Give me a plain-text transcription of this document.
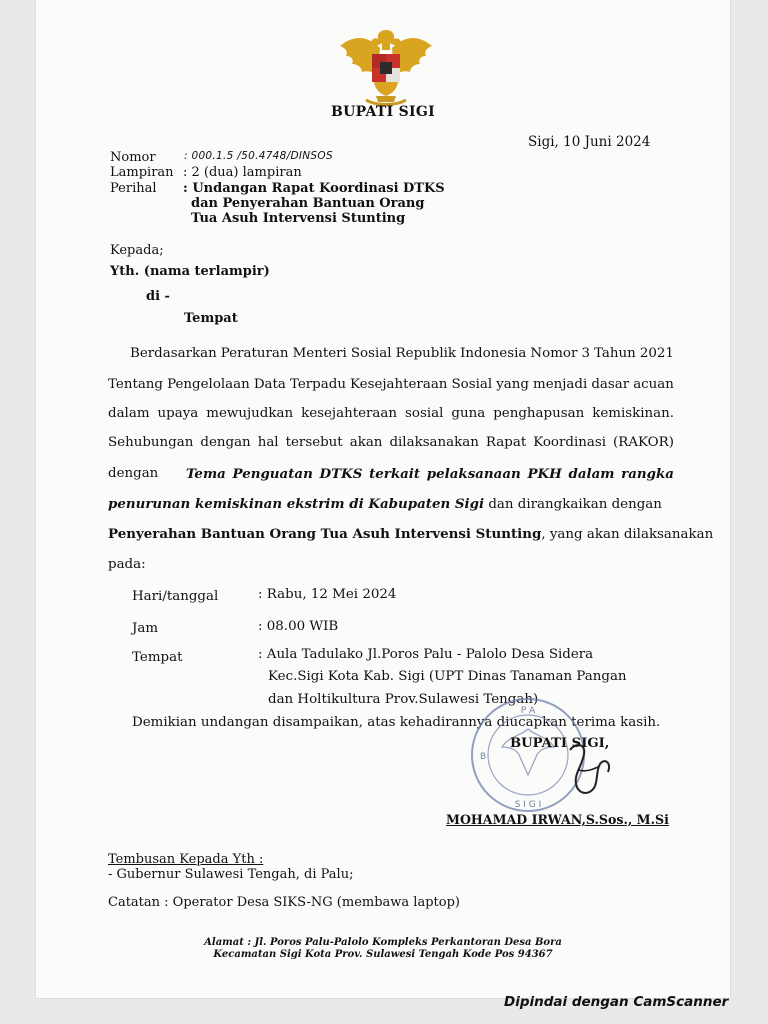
BUPATI SIGI
Sigi, 10 Juni 2024
Nomor	: 000.1.5 /50.4748/DINSOS
Lampiran : 2 (dua) lampiran
Perihal : Undangan Rapat Koordinasi DTKS
dan Penyerahan Bantuan Orang
Tua Asuh Intervensi Stunting
Kepada;
Yth. (nama terlampir)
di -
Tempat
Berdasarkan Peraturan Menteri Sosial Republik Indonesia Nomor 3 Tahun 2021
Tentang Pengelolaan Data Terpadu Kesejahteraan Sosial yang menjadi dasar acuan
dalam upaya mewujudkan kesejahteraan sosial guna penghapusan kemiskinan.
Sehubungan dengan hal tersebut akan dilaksanakan Rapat Koordinasi (RAKOR)
dengan Tema Penguatan DTKS terkait pelaksanaan PKH dalam rangka
penurunan kemiskinan ekstrim di Kabupaten Sigi dan dirangkaikan dengan
Penyerahan Bantuan Orang Tua Asuh Intervensi Stunting, yang akan dilaksanakan
pada:
Hari/tanggal	: Rabu, 12 Mei 2024
Jam	: 08.00 WIB
Tempat	: Aula Tadulako Jl.Poros Palu - Palolo Desa Sidera
Kec.Sigi Kota Kab. Sigi (UPT Dinas Tanaman Pangan
dan Holtikultura Prov.Sulawesi Tengah)
Demikian undangan disampaikan, atas kehadirannya diucapkan terima kasih.
P A
B
S I G I
BUPATI SIGI,
MOHAMAD IRWAN,S.Sos., M.Si
Tembusan Kepada Yth :
- Gubernur Sulawesi Tengah, di Palu;
Catatan : Operator Desa SIKS-NG (membawa laptop)
Alamat : Jl. Poros Palu-Palolo Kompleks Perkantoran Desa Bora
Kecamatan Sigi Kota Prov. Sulawesi Tengah Kode Pos 94367
Dipindai dengan CamScanner
